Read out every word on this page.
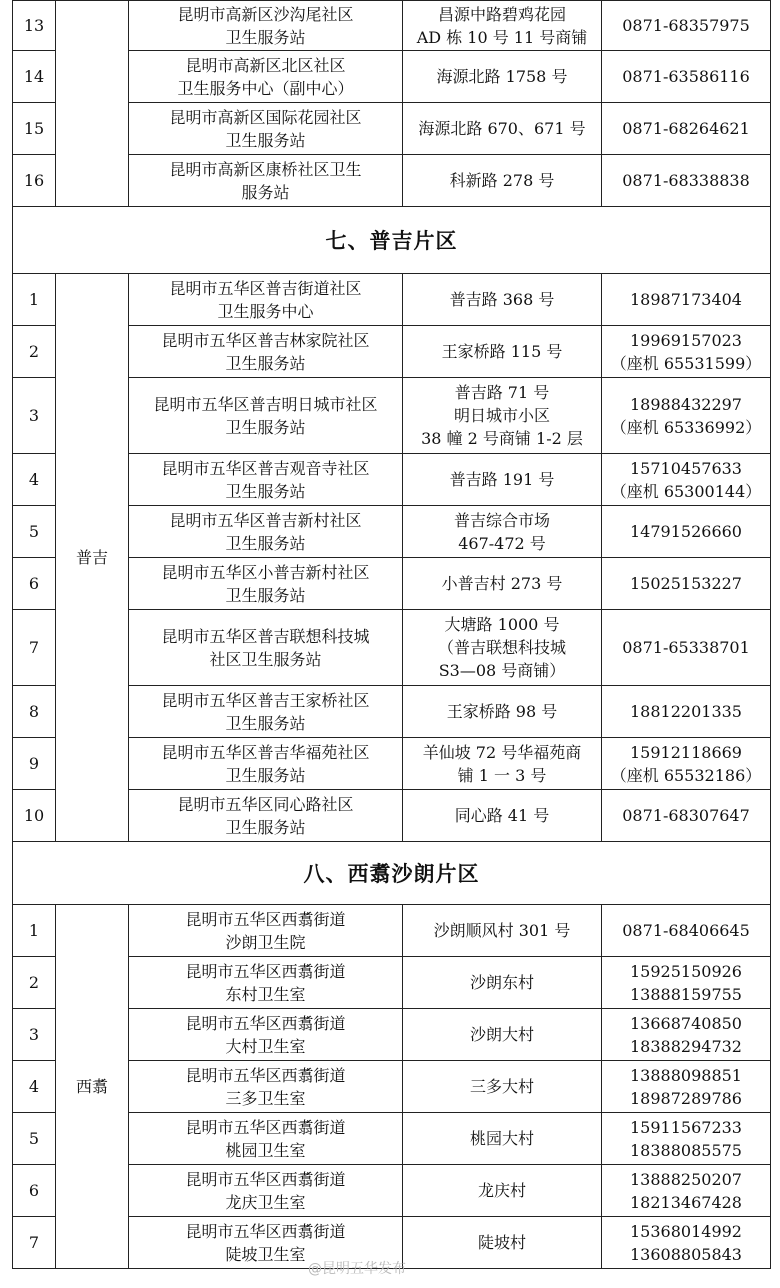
13		昆明市高新区沙沟尾社区
卫生服务站	昌源中路碧鸡花园
AD 栋 10 号 11 号商铺	0871-68357975

14		昆明市高新区北区社区
卫生服务中心（副中心）	海源北路 1758 号	0871-63586116

15		昆明市高新区国际花园社区
卫生服务站	海源北路 670、671 号	0871-68264621

16		昆明市高新区康桥社区卫生
服务站	科新路 278 号	0871-68338838

七、普吉片区				
1	普吉	昆明市五华区普吉街道社区
卫生服务中心	普吉路 368 号	18987173404

2		昆明市五华区普吉林家院社区
卫生服务站	王家桥路 115 号	19969157023
（座机 65531599）

3		昆明市五华区普吉明日城市社区
卫生服务站	普吉路 71 号
明日城市小区
38 幢 2 号商铺 1-2 层	18988432297
（座机 65336992）

4		昆明市五华区普吉观音寺社区
卫生服务站	普吉路 191 号	15710457633
（座机 65300144）

5		昆明市五华区普吉新村社区
卫生服务站	普吉综合市场
467-472 号	14791526660

6		昆明市五华区小普吉新村社区
卫生服务站	小普吉村 273 号	15025153227

7		昆明市五华区普吉联想科技城
社区卫生服务站	大塘路 1000 号
（普吉联想科技城
S3—08 号商铺）	0871-65338701

8		昆明市五华区普吉王家桥社区
卫生服务站	王家桥路 98 号	18812201335

9		昆明市五华区普吉华福苑社区
卫生服务站	羊仙坡 72 号华福苑商
铺 1 一 3 号	15912118669
（座机 65532186）

10		昆明市五华区同心路社区
卫生服务站	同心路 41 号	0871-68307647

八、西翥沙朗片区				
1	西翥	昆明市五华区西翥街道
沙朗卫生院	沙朗顺风村 301 号	0871-68406645

2		昆明市五华区西翥街道
东村卫生室	沙朗东村	15925150926
13888159755

3		昆明市五华区西翥街道
大村卫生室	沙朗大村	13668740850
18388294732

4		昆明市五华区西翥街道
三多卫生室	三多大村	13888098851
18987289786

5		昆明市五华区西翥街道
桃园卫生室	桃园大村	15911567233
18388085575

6		昆明市五华区西翥街道
龙庆卫生室	龙庆村	13888250207
18213467428

7		昆明市五华区西翥街道
陡坡卫生室	陡坡村	15368014992
13608805843
@昆明五华发布
